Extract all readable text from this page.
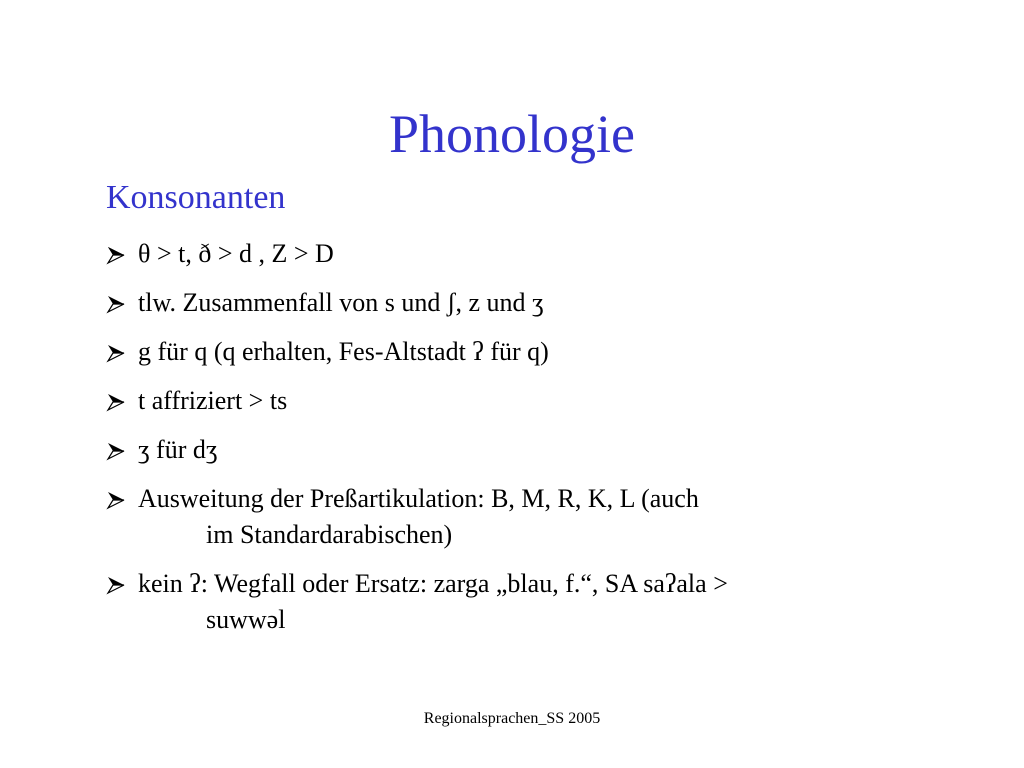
Phonologie
Konsonanten
θ > t, ð > d , Z > D
tlw. Zusammenfall von s und ʃ, z und ʒ
g für q (q erhalten, Fes-Altstadt ʔ für q)
t affriziert > ts
ʒ für dʒ
Ausweitung der Preßartikulation: B, M, R, K, L (auch
im Standardarabischen)
kein ʔ: Wegfall oder Ersatz: zarga „blau, f.“, SA saʔala >
suwwəl
Regionalsprachen_SS 2005
